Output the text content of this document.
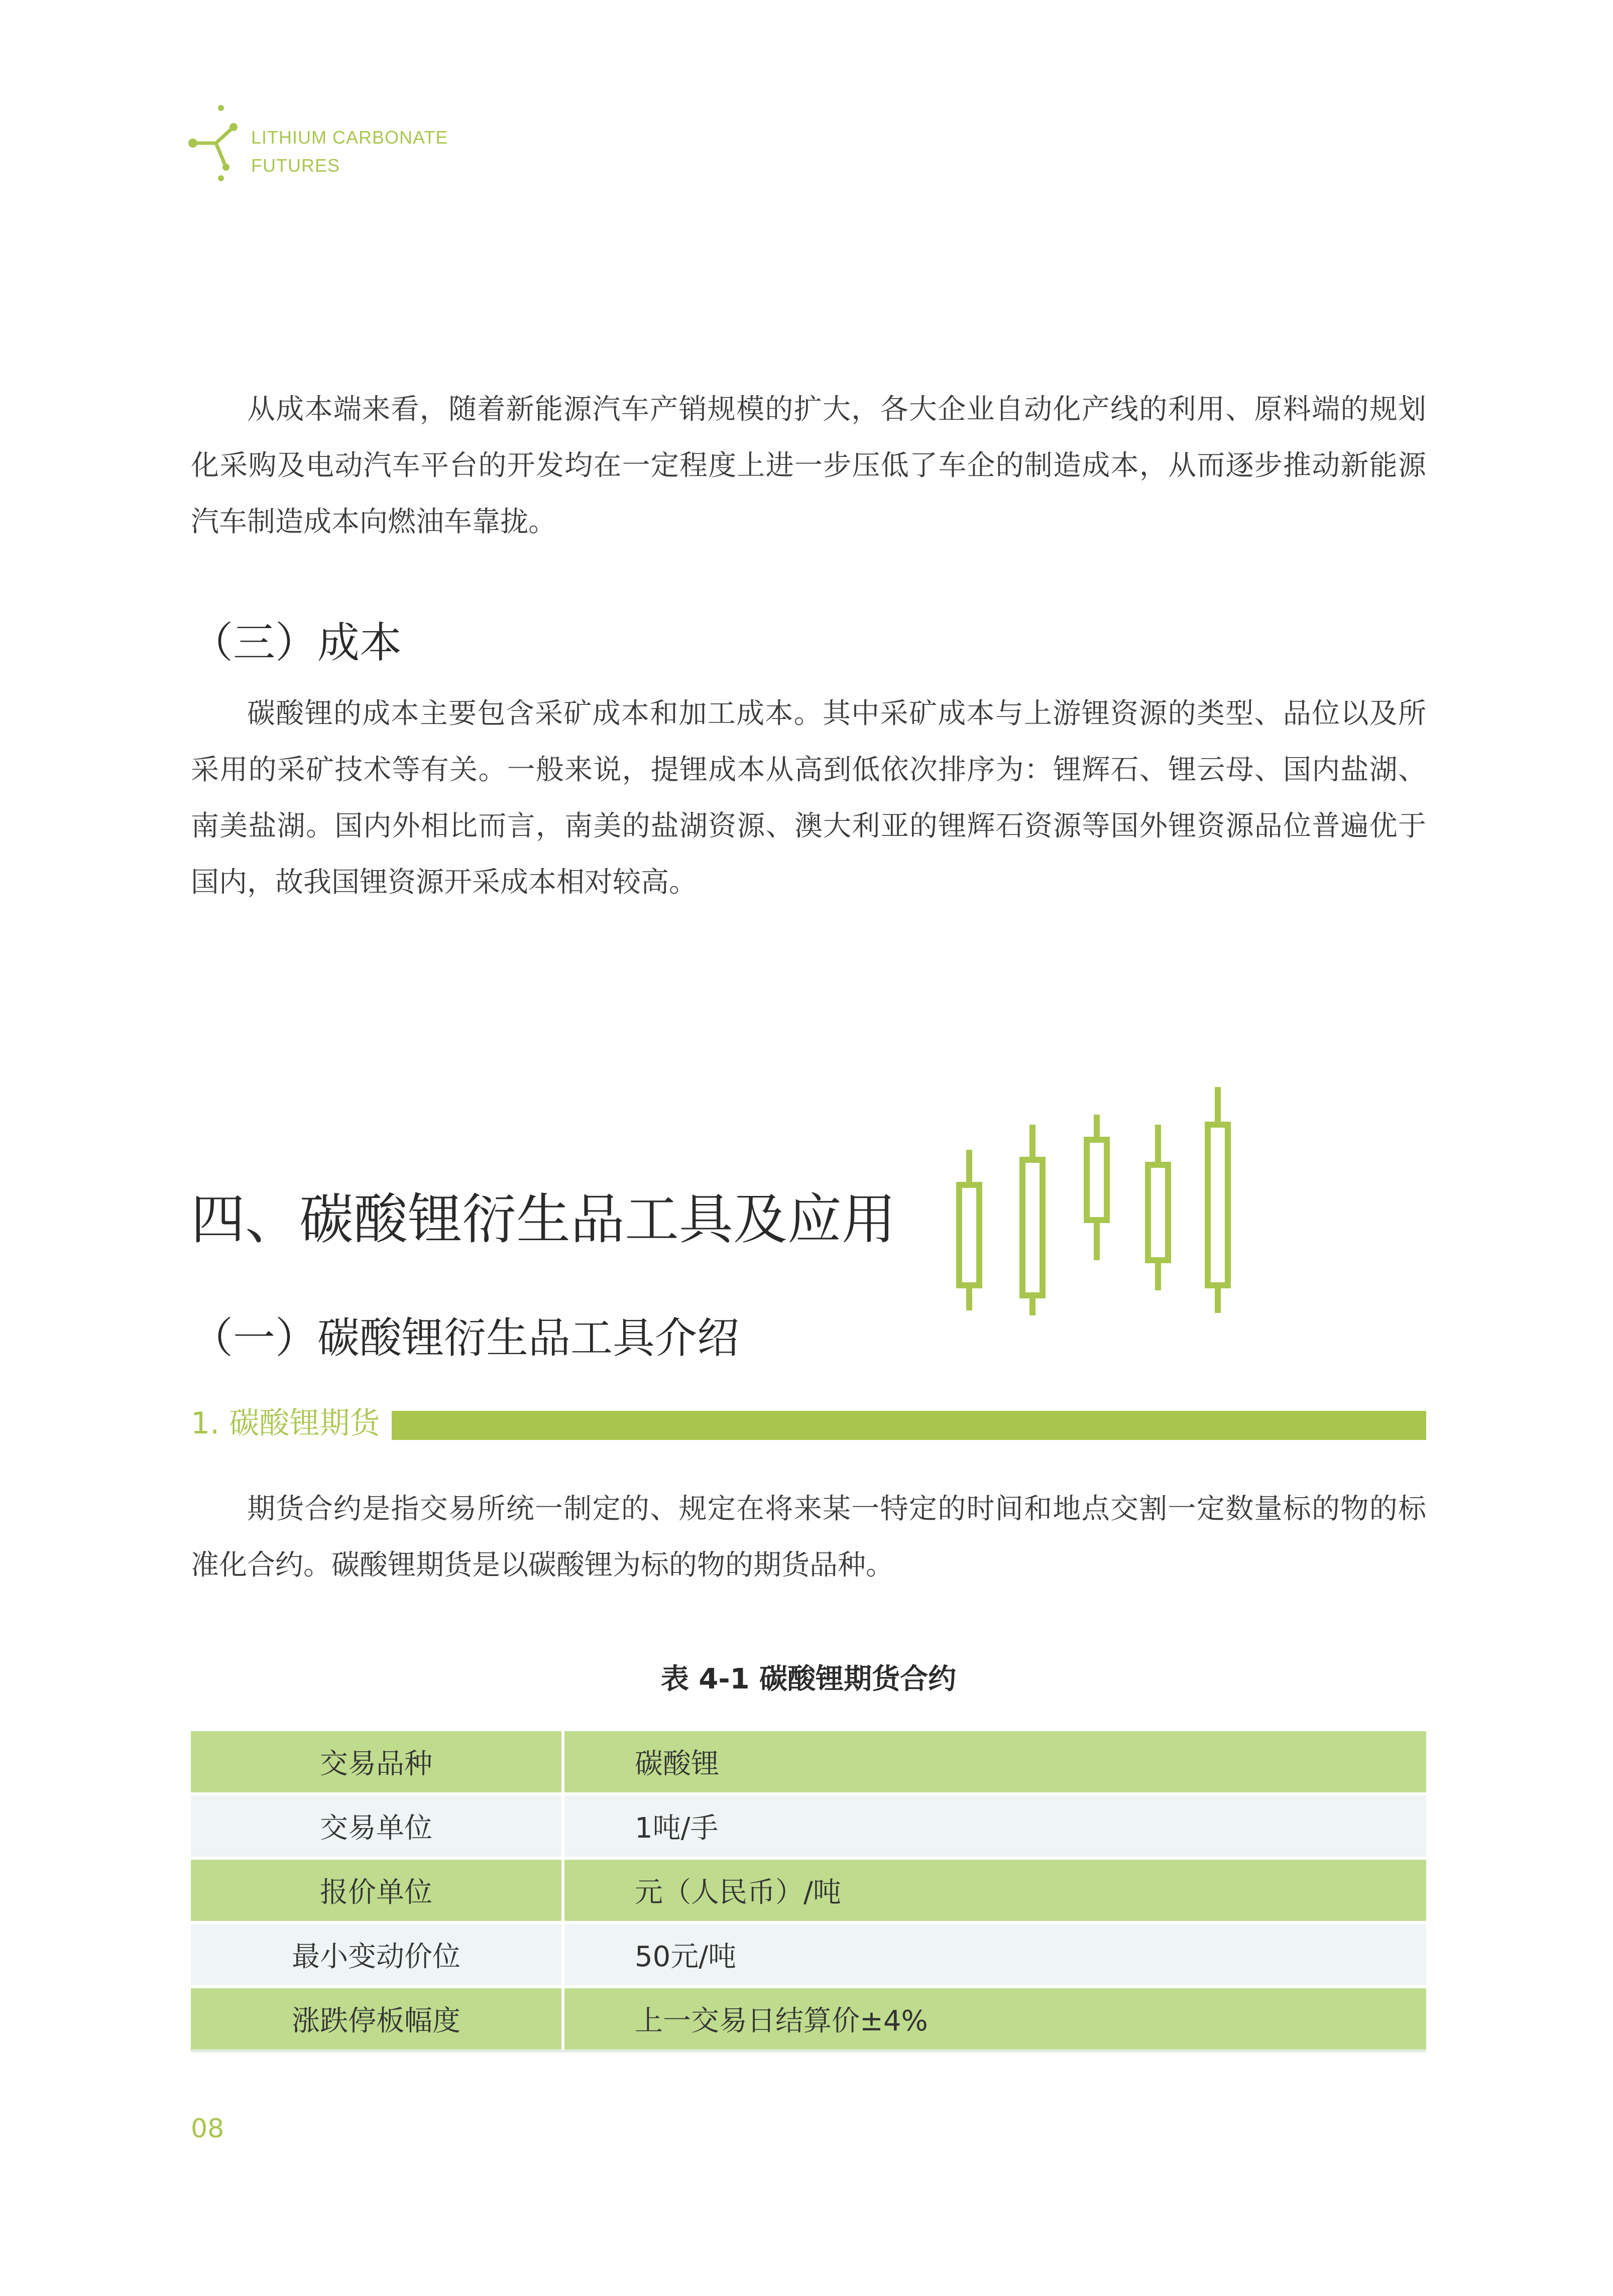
LITHIUM CARBONATE
FUTURES

从成本端来看，随着新能源汽车产销规模的扩大，各大企业自动化产线的利用、原料端的规划化采购及电动汽车平台的开发均在一定程度上进一步压低了车企的制造成本，从而逐步推动新能源汽车制造成本向燃油车靠拢。

（三）成本

碳酸锂的成本主要包含采矿成本和加工成本。其中采矿成本与上游锂资源的类型、品位以及所采用的采矿技术等有关。一般来说，提锂成本从高到低依次排序为：锂辉石、锂云母、国内盐湖、南美盐湖。国内外相比而言，南美的盐湖资源、澳大利亚的锂辉石资源等国外锂资源品位普遍优于国内，故我国锂资源开采成本相对较高。

四、碳酸锂衍生品工具及应用
（一）碳酸锂衍生品工具介绍
1. 碳酸锂期货

期货合约是指交易所统一制定的、规定在将来某一特定的时间和地点交割一定数量标的物的标准化合约。碳酸锂期货是以碳酸锂为标的物的期货品种。

表 4-1 碳酸锂期货合约
交易品种	碳酸锂
交易单位	1吨/手
报价单位	元（人民币）/吨
最小变动价位	50元/吨
涨跌停板幅度	上一交易日结算价±4%
08
